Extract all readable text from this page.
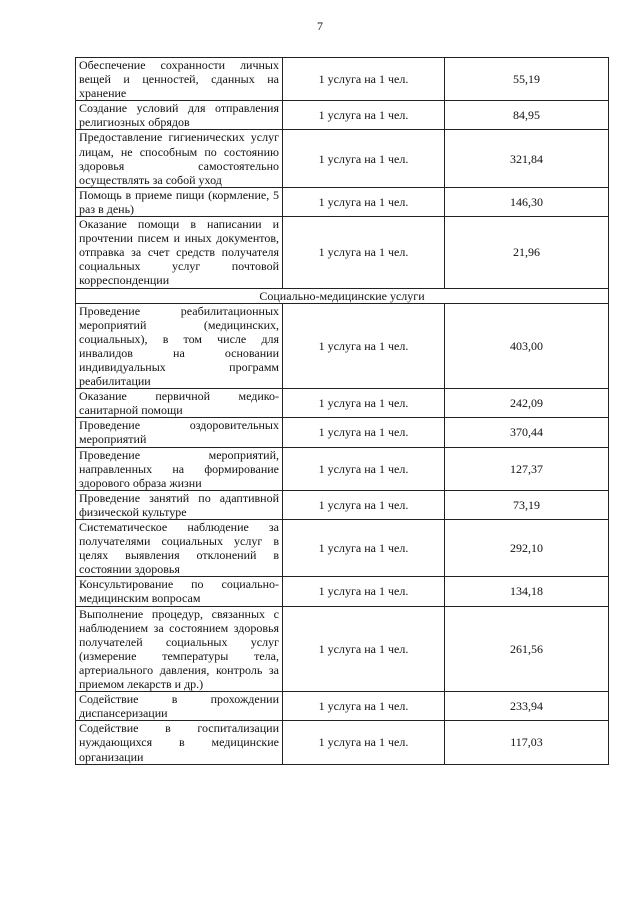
7
Обеспечение сохранности личных вещей и ценностей, сданных на хранение	1 услуга на 1 чел.	55,19
Создание условий для отправления религиозных обрядов	1 услуга на 1 чел.	84,95
Предоставление гигиенических услуг лицам, не способным по состоянию здоровья самостоятельно осуществлять за собой уход	1 услуга на 1 чел.	321,84
Помощь в приеме пищи (кормление, 5 раз в день)	1 услуга на 1 чел.	146,30
Оказание помощи в написании и прочтении писем и иных документов, отправка за счет средств получателя социальных услуг почтовой корреспонденции	1 услуга на 1 чел.	21,96
Социально-медицинские услуги		
Проведение реабилитационных мероприятий (медицинских, социальных), в том числе для инвалидов на основании индивидуальных программ реабилитации	1 услуга на 1 чел.	403,00
Оказание первичной медико-санитарной помощи	1 услуга на 1 чел.	242,09
Проведение оздоровительных мероприятий	1 услуга на 1 чел.	370,44
Проведение мероприятий, направленных на формирование здорового образа жизни	1 услуга на 1 чел.	127,37
Проведение занятий по адаптивной физической культуре	1 услуга на 1 чел.	73,19
Систематическое наблюдение за получателями социальных услуг в целях выявления отклонений в состоянии здоровья	1 услуга на 1 чел.	292,10
Консультирование по социально-медицинским вопросам	1 услуга на 1 чел.	134,18
Выполнение процедур, связанных с наблюдением за состоянием здоровья получателей социальных услуг (измерение температуры тела, артериального давления, контроль за приемом лекарств и др.)	1 услуга на 1 чел.	261,56
Содействие в прохождении диспансеризации	1 услуга на 1 чел.	233,94
Содействие в госпитализации нуждающихся в медицинские организации	1 услуга на 1 чел.	117,03
